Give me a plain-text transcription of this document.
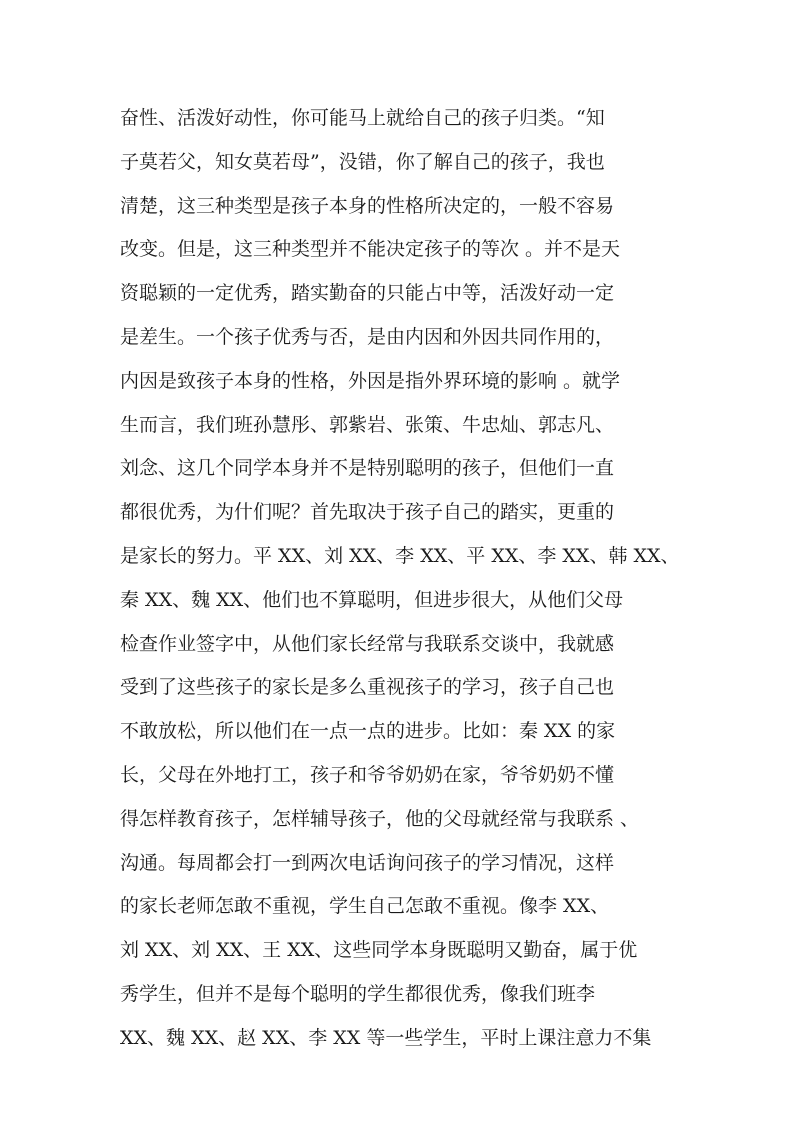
奋性、活泼好动性，你可能马上就给自己的孩子归类。“知
子莫若父，知女莫若母”，没错，你了解自己的孩子，我也
清楚，这三种类型是孩子本身的性格所决定的，一般不容易
改变。但是，这三种类型并不能决定孩子的等次 。并不是天
资聪颖的一定优秀，踏实勤奋的只能占中等，活泼好动一定
是差生。一个孩子优秀与否，是由内因和外因共同作用的，
内因是致孩子本身的性格，外因是指外界环境的影响 。就学
生而言，我们班孙慧彤、郭紫岩、张策、牛忠灿、郭志凡、
刘念、这几个同学本身并不是特别聪明的孩子，但他们一直
都很优秀，为什们呢？首先取决于孩子自己的踏实，更重的
是家长的努力。平 XX、刘 XX、李 XX、平 XX、李 XX、韩 XX、
秦 XX、魏 XX、他们也不算聪明，但进步很大，从他们父母
检查作业签字中，从他们家长经常与我联系交谈中，我就感
受到了这些孩子的家长是多么重视孩子的学习，孩子自己也
不敢放松，所以他们在一点一点的进步。比如：秦 XX 的家
长，父母在外地打工，孩子和爷爷奶奶在家，爷爷奶奶不懂
得怎样教育孩子，怎样辅导孩子，他的父母就经常与我联系 、
沟通。每周都会打一到两次电话询问孩子的学习情况，这样
的家长老师怎敢不重视，学生自己怎敢不重视。像李 XX、
刘 XX、刘 XX、王 XX、这些同学本身既聪明又勤奋，属于优
秀学生，但并不是每个聪明的学生都很优秀，像我们班李
XX、魏 XX、赵 XX、李 XX 等一些学生，平时上课注意力不集
